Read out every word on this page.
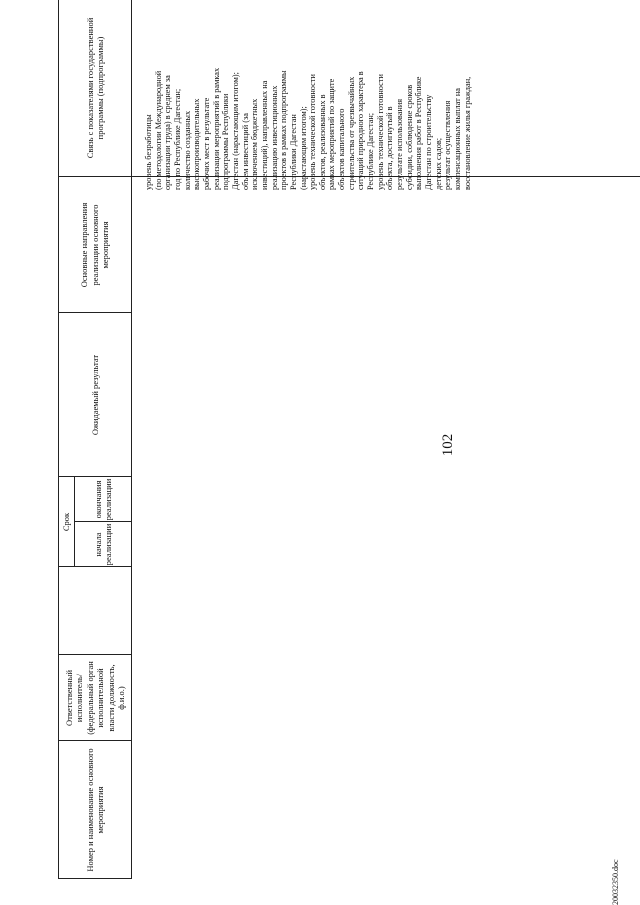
102
20032350.doc
Номер и наименование основного мероприятия
Ответственный исполнитель/ (федеральный орган исполнительной власти должность, ф.и.о.)
Срок
начала реализации
окончания реализации
Ожидаемый результат
Основные направления реализации основного мероприятия
Связь с показателями государственной программы (подпрограммы)
уровень безработицы (по методологии Международной организации труда) в среднем за год по Республике Дагестан; количество созданных высокопроизводительных рабочих мест в результате реализации мероприятий в рамках подпрограммы Республики Дагестан (нарастающим итогом); объем инвестиций (за исключением бюджетных инвестиций), направленных на реализацию инвестиционных проектов в рамках подпрограммы Республики Дагестан (нарастающим итогом); уровень технической готовности объектов, реализованных в рамках мероприятий по защите объектов капитального строительства от чрезвычайных ситуаций природного характера в Республике Дагестан; уровень технической готовности объекта, достигнутый в результате использования субсидии, соблюдение сроков выполнения работ в Республике Дагестан по строительству детских садов; результат осуществления компенсационных выплат на восстановление жилья граждан,
